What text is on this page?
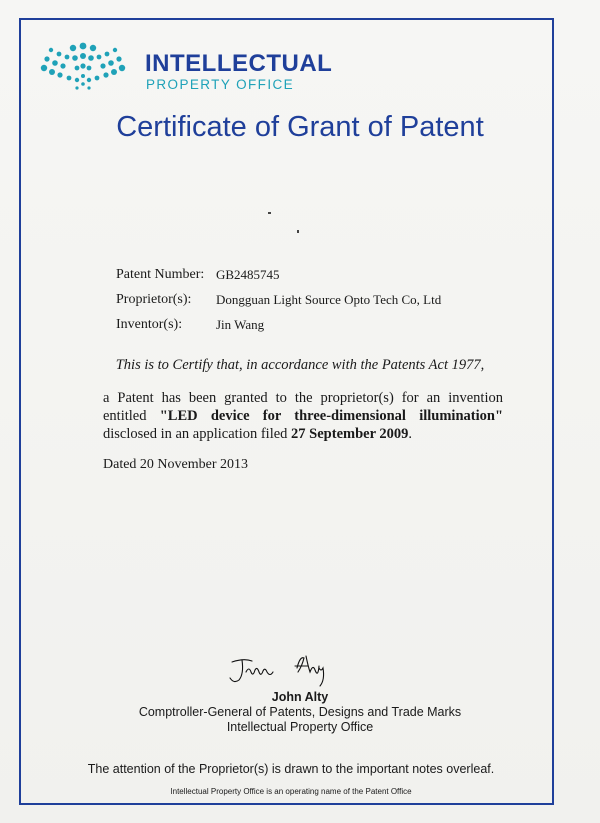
INTELLECTUAL
PROPERTY OFFICE
Certificate of Grant of Patent
Patent Number: GB2485745
Proprietor(s):	Dongguan Light Source Opto Tech Co, Ltd
Inventor(s):	Jin Wang
This is to Certify that, in accordance with the Patents Act 1977,
a Patent has been granted to the proprietor(s) for an invention entitled "LED device for three-dimensional illumination" disclosed in an application filed 27 September 2009.
Dated 20 November 2013
John Alty
Comptroller-General of Patents, Designs and Trade Marks
Intellectual Property Office
The attention of the Proprietor(s) is drawn to the important notes overleaf.
Intellectual Property Office is an operating name of the Patent Office
